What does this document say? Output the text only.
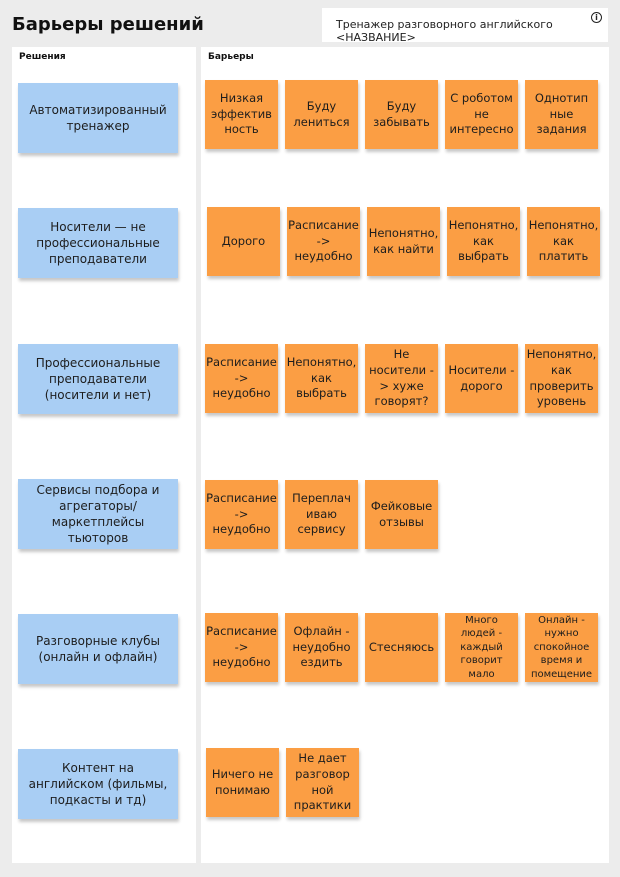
Барьеры решений	Тренажер разговорного английского <НАЗВАНИЕ>
i
Решения
Автоматизированный тренажер
Носители — не профессиональные преподаватели
Профессиональные преподаватели (носители и нет)
Сервисы подбора и агрегаторы/ маркетплейсы тьюторов
Разговорные клубы (онлайн и офлайн)
Контент на английском (фильмы, подкасты и тд)
Барьеры
Низкая эффектив ность
Буду лениться
Буду забывать
С роботом не интересно
Однотип ные задания
Дорого
Расписание -> неудобно
Непонятно, как найти
Непонятно, как выбрать
Непонятно, как платить
Расписание -> неудобно
Непонятно, как выбрать
Не носители - > хуже говорят?
Носители - дорого
Непонятно, как проверить уровень
Расписание -> неудобно
Переплач иваю сервису
Фейковые отзывы
Расписание -> неудобно
Офлайн - неудобно ездить
Стесняюсь
Много людей - каждый говорит мало
Онлайн - нужно спокойное время и помещение
Ничего не понимаю
Не дает разговор ной практики
